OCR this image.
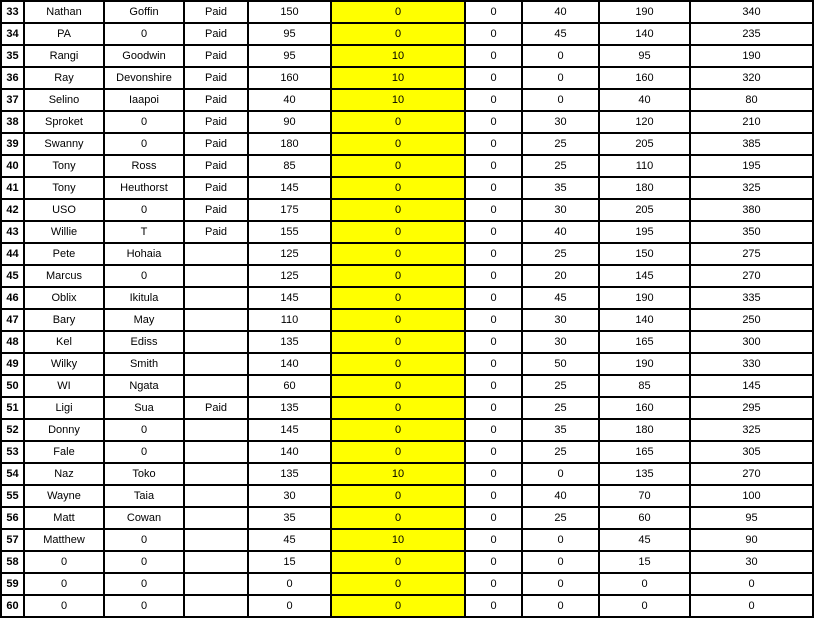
33	Nathan	Goffin	Paid	150	0	0	40	190	340
34	PA	0	Paid	95	0	0	45	140	235
35	Rangi	Goodwin	Paid	95	10	0	0	95	190
36	Ray	Devonshire	Paid	160	10	0	0	160	320
37	Selino	Iaapoi	Paid	40	10	0	0	40	80
38	Sproket	0	Paid	90	0	0	30	120	210
39	Swanny	0	Paid	180	0	0	25	205	385
40	Tony	Ross	Paid	85	0	0	25	110	195
41	Tony	Heuthorst	Paid	145	0	0	35	180	325
42	USO	0	Paid	175	0	0	30	205	380
43	Willie	T	Paid	155	0	0	40	195	350
44	Pete	Hohaia		125	0	0	25	150	275
45	Marcus	0		125	0	0	20	145	270
46	Oblix	Ikitula		145	0	0	45	190	335
47	Bary	May		110	0	0	30	140	250
48	Kel	Ediss		135	0	0	30	165	300
49	Wilky	Smith		140	0	0	50	190	330
50	WI	Ngata		60	0	0	25	85	145
51	Ligi	Sua	Paid	135	0	0	25	160	295
52	Donny	0		145	0	0	35	180	325
53	Fale	0		140	0	0	25	165	305
54	Naz	Toko		135	10	0	0	135	270
55	Wayne	Taia		30	0	0	40	70	100
56	Matt	Cowan		35	0	0	25	60	95
57	Matthew	0		45	10	0	0	45	90
58	0	0		15	0	0	0	15	30
59	0	0		0	0	0	0	0	0
60	0	0		0	0	0	0	0	0
